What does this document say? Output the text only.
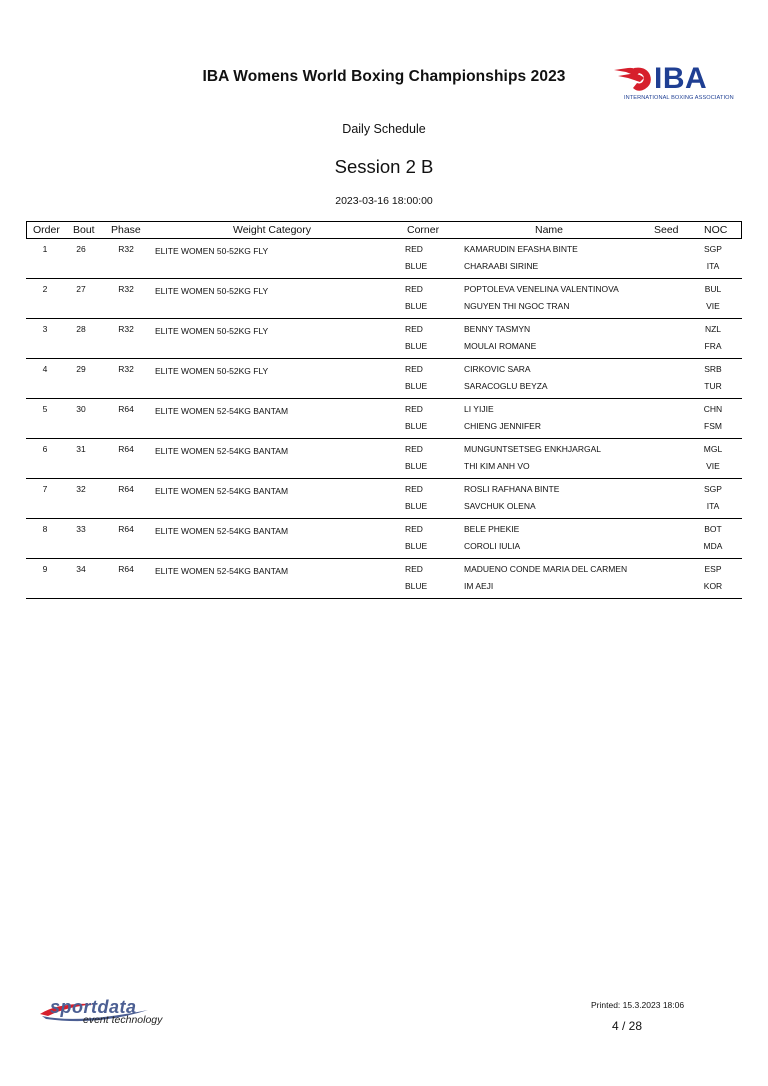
IBA Womens World Boxing Championships 2023	IBA
INTERNATIONAL BOXING ASSOCIATION
Daily Schedule
Session 2 B
2023-03-16 18:00:00
Order Bout Phase	Weight Category	Corner	Name	Seed NOC
1	26	R32	ELITE WOMEN 50-52KG FLY	RED	KAMARUDIN EFASHA BINTE	SGP
BLUE	CHARAABI SIRINE	ITA
2	27	R32	ELITE WOMEN 50-52KG FLY	RED	POPTOLEVA VENELINA VALENTINOVA	BUL
BLUE	NGUYEN THI NGOC TRAN	VIE
3	28	R32	ELITE WOMEN 50-52KG FLY	RED	BENNY TASMYN	NZL
BLUE	MOULAI ROMANE	FRA
4	29	R32	ELITE WOMEN 50-52KG FLY	RED	CIRKOVIC SARA	SRB
BLUE	SARACOGLU BEYZA	TUR
5	30	R64	ELITE WOMEN 52-54KG BANTAM	RED	LI YIJIE	CHN
BLUE	CHIENG JENNIFER	FSM
6	31	R64	ELITE WOMEN 52-54KG BANTAM	RED	MUNGUNTSETSEG ENKHJARGAL	MGL
BLUE	THI KIM ANH VO	VIE
7	32	R64	ELITE WOMEN 52-54KG BANTAM	RED	ROSLI RAFHANA BINTE	SGP
BLUE	SAVCHUK OLENA	ITA
8	33	R64	ELITE WOMEN 52-54KG BANTAM	RED	BELE PHEKIE	BOT
BLUE	COROLI IULIA	MDA
9	34	R64	ELITE WOMEN 52-54KG BANTAM	RED	MADUENO CONDE MARIA DEL CARMEN	ESP
BLUE	IM AEJI	KOR
sportdata
event technology
Printed: 15.3.2023 18:06
4 / 28
